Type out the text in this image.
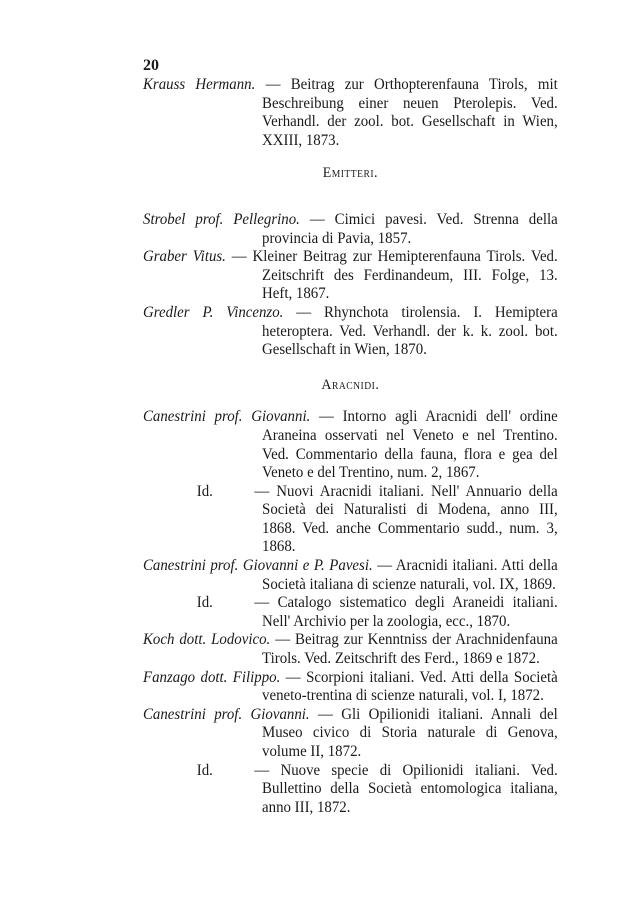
20
Krauss Hermann. — Beitrag zur Orthopterenfauna Tirols, mit Beschreibung einer neuen Pterolepis. Ved. Verhandl. der zool. bot. Gesellschaft in Wien, XXIII, 1873.
Emitteri.
Strobel prof. Pellegrino. — Cimici pavesi. Ved. Strenna della provincia di Pavia, 1857.
Graber Vitus. — Kleiner Beitrag zur Hemipterenfauna Tirols. Ved. Zeitschrift des Ferdinandeum, III. Folge, 13. Heft, 1867.
Gredler P. Vincenzo. — Rhynchota tirolensia. I. Hemiptera heteroptera. Ved. Verhandl. der k. k. zool. bot. Gesellschaft in Wien, 1870.
Aracnidi.
Canestrini prof. Giovanni. — Intorno agli Aracnidi dell' ordine Araneina osservati nel Veneto e nel Trentino. Ved. Commentario della fauna, flora e gea del Veneto e del Trentino, num. 2, 1867.
Id.	— Nuovi Aracnidi italiani. Nell' Annuario della Società dei Naturalisti di Modena, anno III, 1868. Ved. anche Commentario sudd., num. 3, 1868.
Canestrini prof. Giovanni e P. Pavesi. — Aracnidi italiani. Atti della Società italiana di scienze naturali, vol. IX, 1869.
Id.	— Catalogo sistematico degli Araneidi italiani. Nell' Archivio per la zoologia, ecc., 1870.
Koch dott. Lodovico. — Beitrag zur Kenntniss der Arachnidenfauna Tirols. Ved. Zeitschrift des Ferd., 1869 e 1872.
Fanzago dott. Filippo. — Scorpioni italiani. Ved. Atti della Società veneto-trentina di scienze naturali, vol. I, 1872.
Canestrini prof. Giovanni. — Gli Opilionidi italiani. Annali del Museo civico di Storia naturale di Genova, volume II, 1872.
Id.	— Nuove specie di Opilionidi italiani. Ved. Bullettino della Società entomologica italiana, anno III, 1872.
